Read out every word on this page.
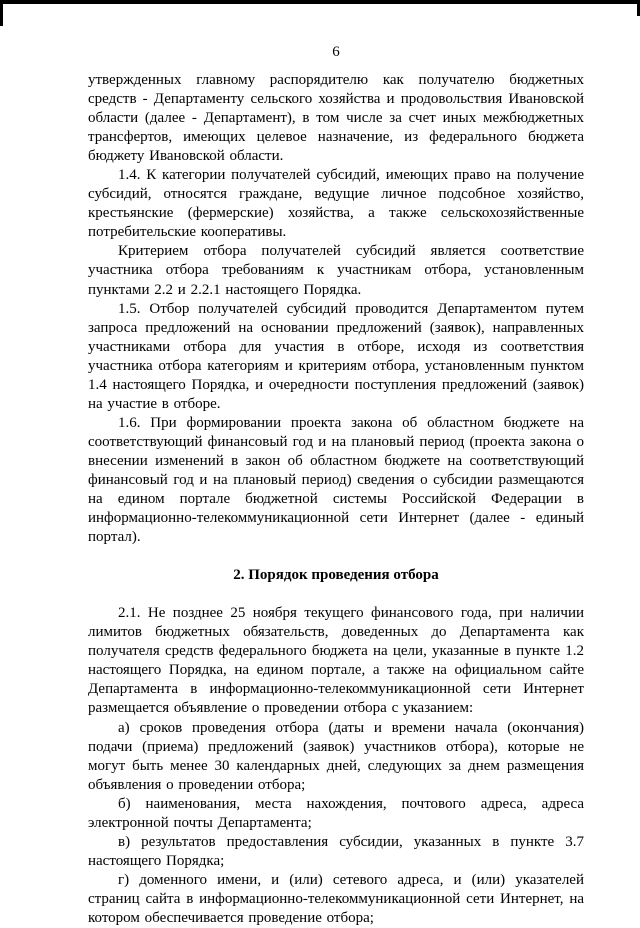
6

утвержденных главному распорядителю как получателю бюджетных средств - Департаменту сельского хозяйства и продовольствия Ивановской области (далее - Департамент), в том числе за счет иных межбюджетных трансфертов, имеющих целевое назначение, из федерального бюджета бюджету Ивановской области.

1.4. К категории получателей субсидий, имеющих право на получение субсидий, относятся граждане, ведущие личное подсобное хозяйство, крестьянские (фермерские) хозяйства, а также сельскохозяйственные потребительские кооперативы.

Критерием отбора получателей субсидий является соответствие участника отбора требованиям к участникам отбора, установленным пунктами 2.2 и 2.2.1 настоящего Порядка.

1.5. Отбор получателей субсидий проводится Департаментом путем запроса предложений на основании предложений (заявок), направленных участниками отбора для участия в отборе, исходя из соответствия участника отбора категориям и критериям отбора, установленным пунктом 1.4 настоящего Порядка, и очередности поступления предложений (заявок) на участие в отборе.

1.6. При формировании проекта закона об областном бюджете на соответствующий финансовый год и на плановый период (проекта закона о внесении изменений в закон об областном бюджете на соответствующий финансовый год и на плановый период) сведения о субсидии размещаются на едином портале бюджетной системы Российской Федерации в информационно-телекоммуникационной сети Интернет (далее - единый портал).

2. Порядок проведения отбора

2.1. Не позднее 25 ноября текущего финансового года, при наличии лимитов бюджетных обязательств, доведенных до Департамента как получателя средств федерального бюджета на цели, указанные в пункте 1.2 настоящего Порядка, на едином портале, а также на официальном сайте Департамента в информационно-телекоммуникационной сети Интернет размещается объявление о проведении отбора с указанием:

а) сроков проведения отбора (даты и времени начала (окончания) подачи (приема) предложений (заявок) участников отбора), которые не могут быть менее 30 календарных дней, следующих за днем размещения объявления о проведении отбора;

б) наименования, места нахождения, почтового адреса, адреса электронной почты Департамента;

в) результатов предоставления субсидии, указанных в пункте 3.7 настоящего Порядка;

г) доменного имени, и (или) сетевого адреса, и (или) указателей страниц сайта в информационно-телекоммуникационной сети Интернет, на котором обеспечивается проведение отбора;
